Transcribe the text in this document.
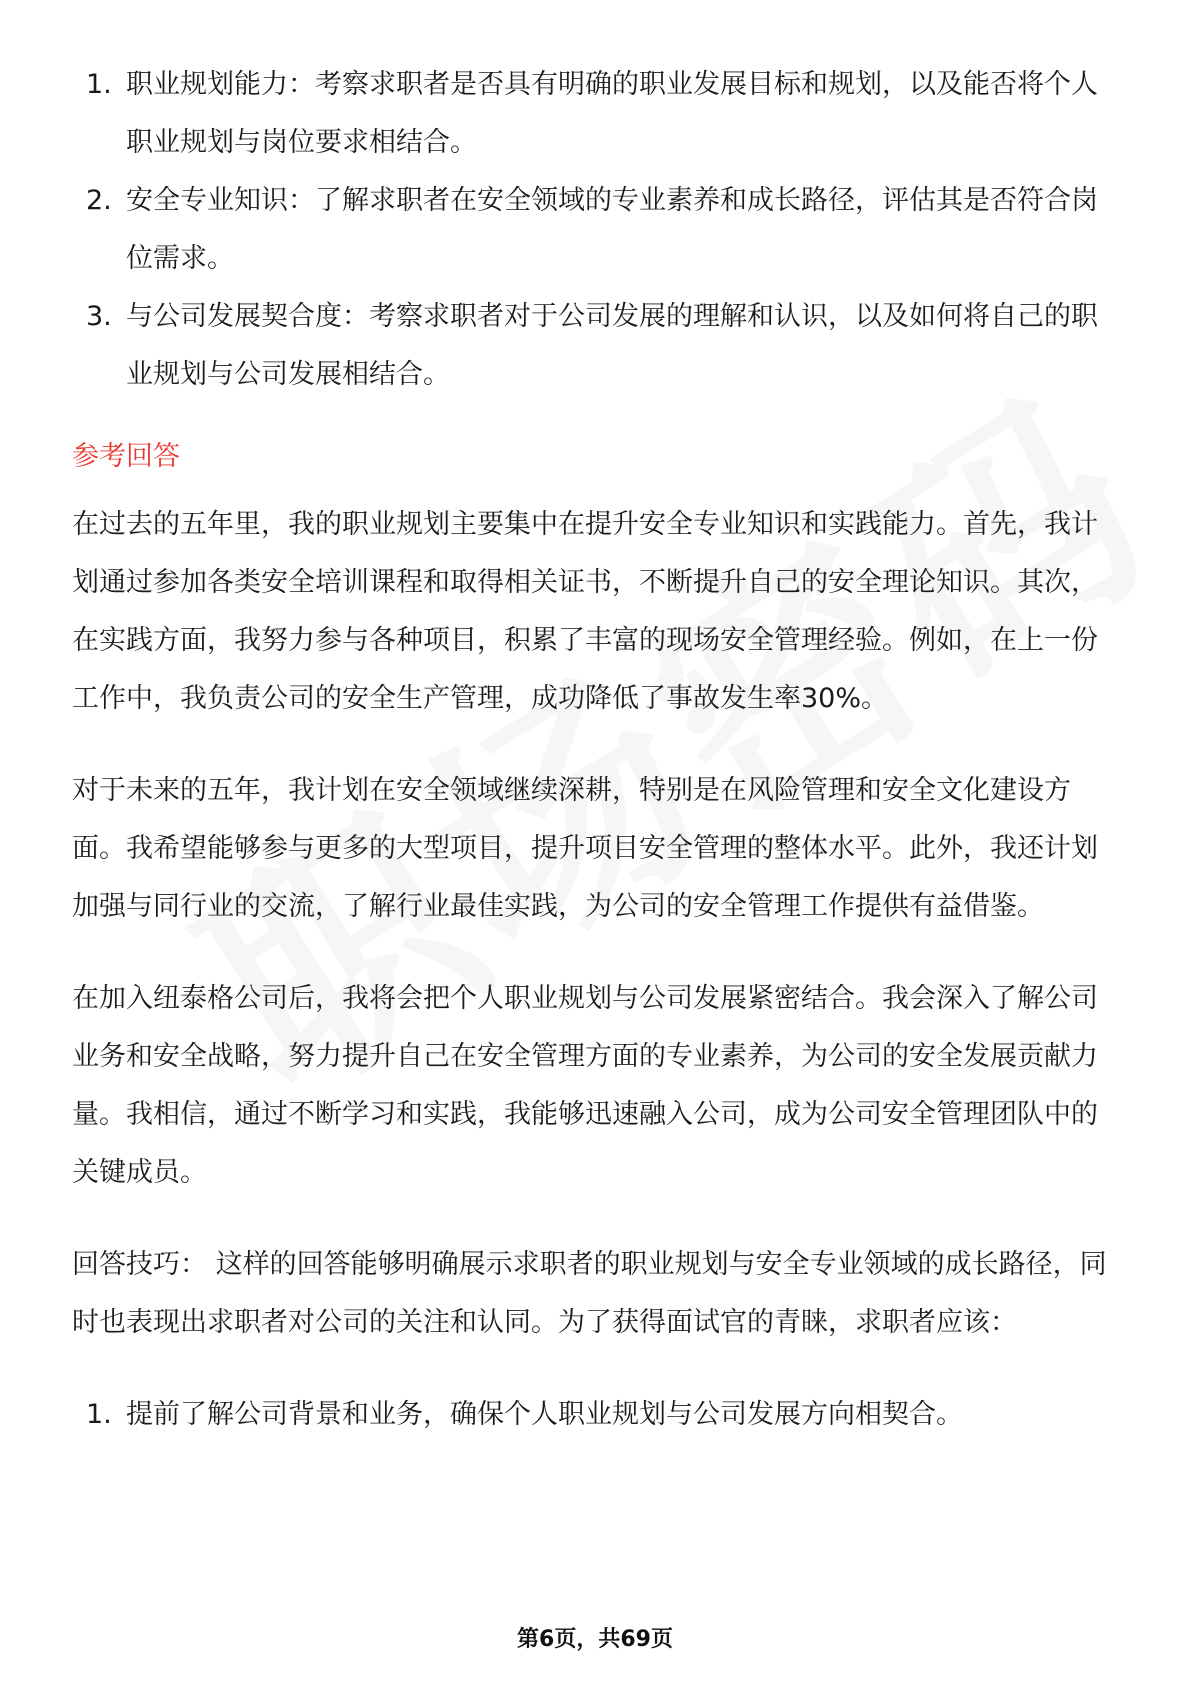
1. 职业规划能力：考察求职者是否具有明确的职业发展目标和规划，以及能否将个人职业规划与岗位要求相结合。
2. 安全专业知识：了解求职者在安全领域的专业素养和成长路径，评估其是否符合岗位需求。
3. 与公司发展契合度：考察求职者对于公司发展的理解和认识，以及如何将自己的职业规划与公司发展相结合。
参考回答

在过去的五年里，我的职业规划主要集中在提升安全专业知识和实践能力。首先，我计划通过参加各类安全培训课程和取得相关证书，不断提升自己的安全理论知识。其次，在实践方面，我努力参与各种项目，积累了丰富的现场安全管理经验。例如，在上一份工作中，我负责公司的安全生产管理，成功降低了事故发生率30%。

对于未来的五年，我计划在安全领域继续深耕，特别是在风险管理和安全文化建设方面。我希望能够参与更多的大型项目，提升项目安全管理的整体水平。此外，我还计划加强与同行业的交流，了解行业最佳实践，为公司的安全管理工作提供有益借鉴。

在加入纽泰格公司后，我将会把个人职业规划与公司发展紧密结合。我会深入了解公司业务和安全战略，努力提升自己在安全管理方面的专业素养，为公司的安全发展贡献力量。我相信，通过不断学习和实践，我能够迅速融入公司，成为公司安全管理团队中的关键成员。

回答技巧： 这样的回答能够明确展示求职者的职业规划与安全专业领域的成长路径，同时也表现出求职者对公司的关注和认同。为了获得面试官的青睐，求职者应该：

1. 提前了解公司背景和业务，确保个人职业规划与公司发展方向相契合。
第6页，共69页
